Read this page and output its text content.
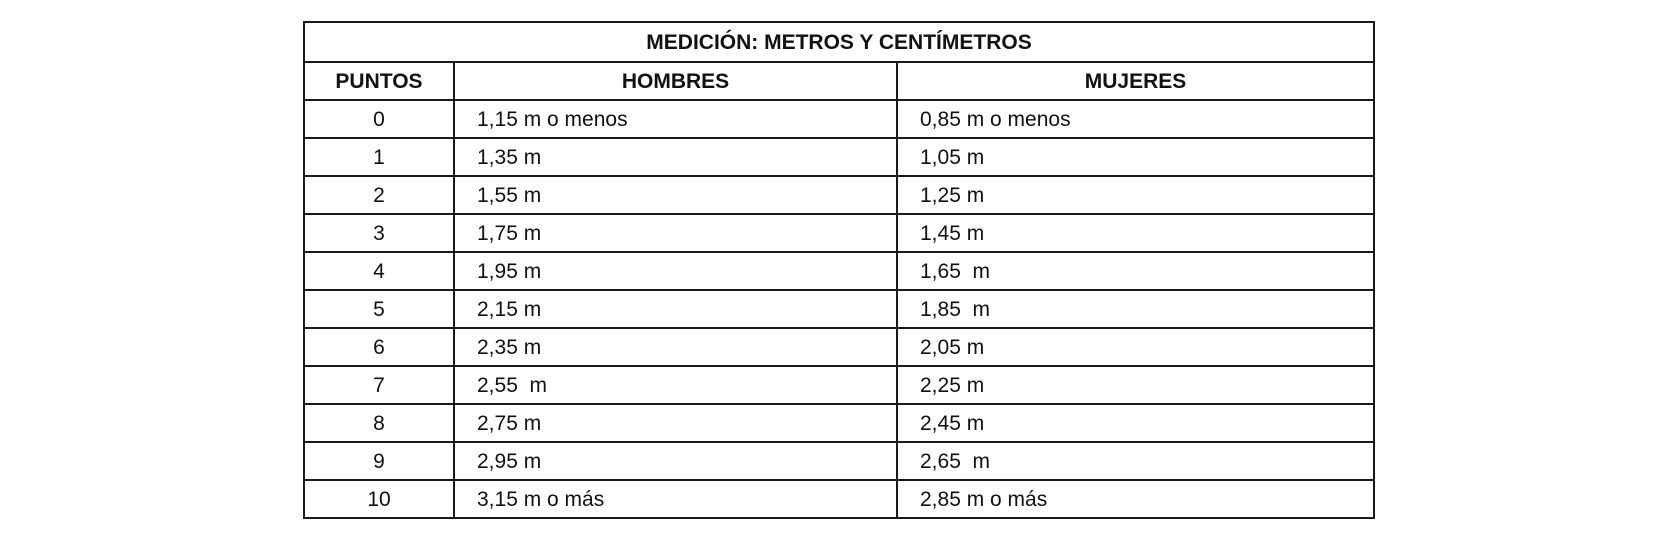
MEDICIÓN: METROS Y CENTÍMETROS		
PUNTOS	HOMBRES	MUJERES
0	1,15 m o menos	0,85 m o menos
1	1,35 m	1,05 m
2	1,55 m	1,25 m
3	1,75 m	1,45 m
4	1,95 m	1,65  m
5	2,15 m	1,85  m
6	2,35 m	2,05 m
7	2,55  m	2,25 m
8	2,75 m	2,45 m
9	2,95 m	2,65  m
10	3,15 m o más	2,85 m o más
